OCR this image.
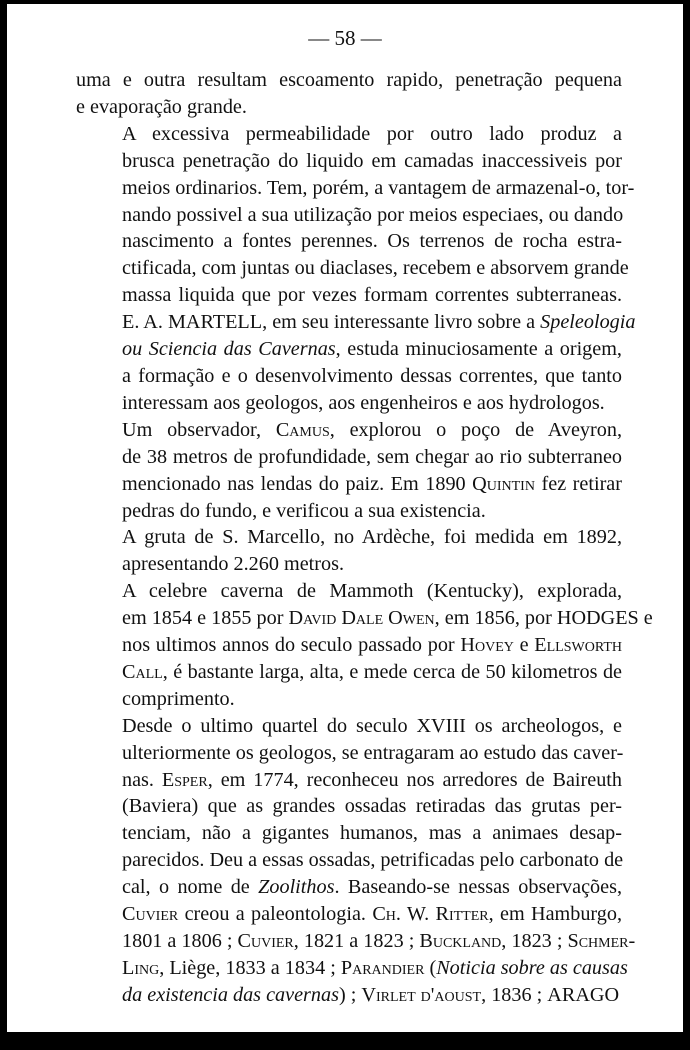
— 58 —

uma e outra resultam escoamento rapido, penetração pequena
e evaporação grande.

A excessiva permeabilidade por outro lado produz a
brusca penetração do liquido em camadas inaccessiveis por
meios ordinarios. Tem, porém, a vantagem de armazenal-o, tor-
nando possivel a sua utilização por meios especiaes, ou dando
nascimento a fontes perennes. Os terrenos de rocha estra-
ctificada, com juntas ou diaclases, recebem e absorvem grande
massa liquida que por vezes formam correntes subterraneas.
E. A. MARTELL, em seu interessante livro sobre a Speleologia
ou Sciencia das Cavernas, estuda minuciosamente a origem,
a formação e o desenvolvimento dessas correntes, que tanto
interessam aos geologos, aos engenheiros e aos hydrologos.

Um observador, Camus, explorou o poço de Aveyron,
de 38 metros de profundidade, sem chegar ao rio subterraneo
mencionado nas lendas do paiz. Em 1890 Quintin fez retirar
pedras do fundo, e verificou a sua existencia.

A gruta de S. Marcello, no Ardèche, foi medida em 1892,
apresentando 2.260 metros.

A celebre caverna de Mammoth (Kentucky), explorada,
em 1854 e 1855 por David Dale Owen, em 1856, por HODGES e
nos ultimos annos do seculo passado por Hovey e Ellsworth
Call, é bastante larga, alta, e mede cerca de 50 kilometros de
comprimento.

Desde o ultimo quartel do seculo XVIII os archeologos, e
ulteriormente os geologos, se entragaram ao estudo das caver-
nas. Esper, em 1774, reconheceu nos arredores de Baireuth
(Baviera) que as grandes ossadas retiradas das grutas per-
tenciam, não a gigantes humanos, mas a animaes desap-
parecidos. Deu a essas ossadas, petrificadas pelo carbonato de
cal, o nome de Zoolithos. Baseando-se nessas observações,
Cuvier creou a paleontologia. Ch. W. Ritter, em Hamburgo,
1801 a 1806 ; Cuvier, 1821 a 1823 ; Buckland, 1823 ; Schmer-
Ling, Liège, 1833 a 1834 ; Parandier (Noticia sobre as causas
da existencia das cavernas) ; Virlet d'aoust, 1836 ; ARAGO
